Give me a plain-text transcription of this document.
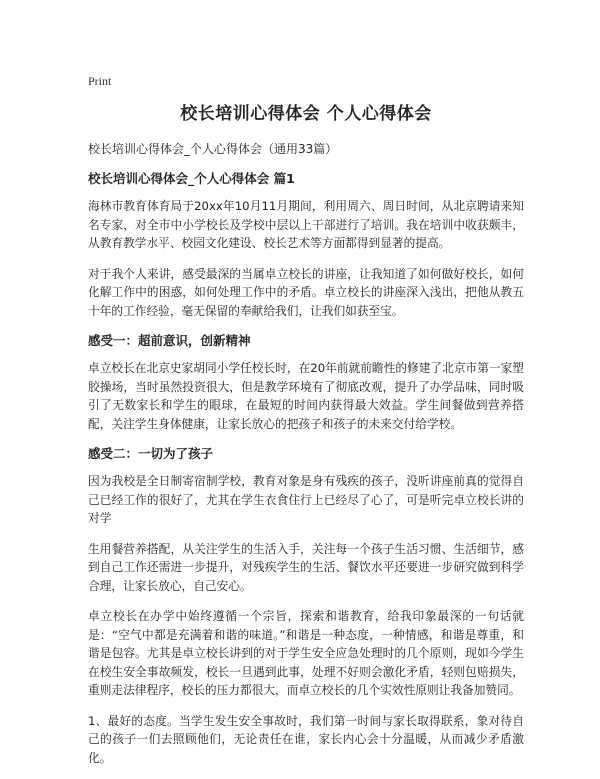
Print
校长培训心得体会 个人心得体会
校长培训心得体会_个人心得体会（通用33篇）
校长培训心得体会_个人心得体会 篇1

海林市教育体育局于20xx年10月11月期间，利用周六、周日时间，从北京聘请来知名专家，对全市中小学校长及学校中层以上干部进行了培训。我在培训中收获颇丰，从教育教学水平、校园文化建设、校长艺术等方面都得到显著的提高。

对于我个人来讲，感受最深的当属卓立校长的讲座，让我知道了如何做好校长，如何化解工作中的困惑，如何处理工作中的矛盾。卓立校长的讲座深入浅出，把他从教五十年的工作经验，毫无保留的奉献给我们，让我们如获至宝。

感受一：超前意识，创新精神

卓立校长在北京史家胡同小学任校长时，在20年前就前瞻性的修建了北京市第一家塑胶操场，当时虽然投资很大，但是教学环境有了彻底改观，提升了办学品味，同时吸引了无数家长和学生的眼球，在最短的时间内获得最大效益。学生间餐做到营养搭配，关注学生身体健康，让家长放心的把孩子和孩子的未来交付给学校。

感受二：一切为了孩子

因为我校是全日制寄宿制学校，教育对象是身有残疾的孩子，没听讲座前真的觉得自己已经工作的很好了，尤其在学生衣食住行上已经尽了心了，可是听完卓立校长讲的对学

生用餐营养搭配，从关注学生的生活入手，关注每一个孩子生活习惯、生活细节，感到自己工作还需进一步提升，对残疾学生的生活、餐饮水平还要进一步研究做到科学合理，让家长放心，自己安心。

卓立校长在办学中始终遵循一个宗旨，探索和谐教育，给我印象最深的一句话就是：“空气中都是充满着和谐的味道。”和谐是一种态度，一种情感，和谐是尊重，和谐是包容。尤其是卓立校长讲到的对于学生安全应急处理时的几个原则，现如今学生在校生安全事故频发，校长一旦遇到此事，处理不好则会激化矛盾，轻则包赔损失，重则走法律程序，校长的压力都很大，而卓立校长的几个实效性原则让我备加赞同。

1、最好的态度。当学生发生安全事故时，我们第一时间与家长取得联系，象对待自己的孩子一们去照顾他们，无论责任在谁，家长内心会十分温暖，从而减少矛盾激化。
